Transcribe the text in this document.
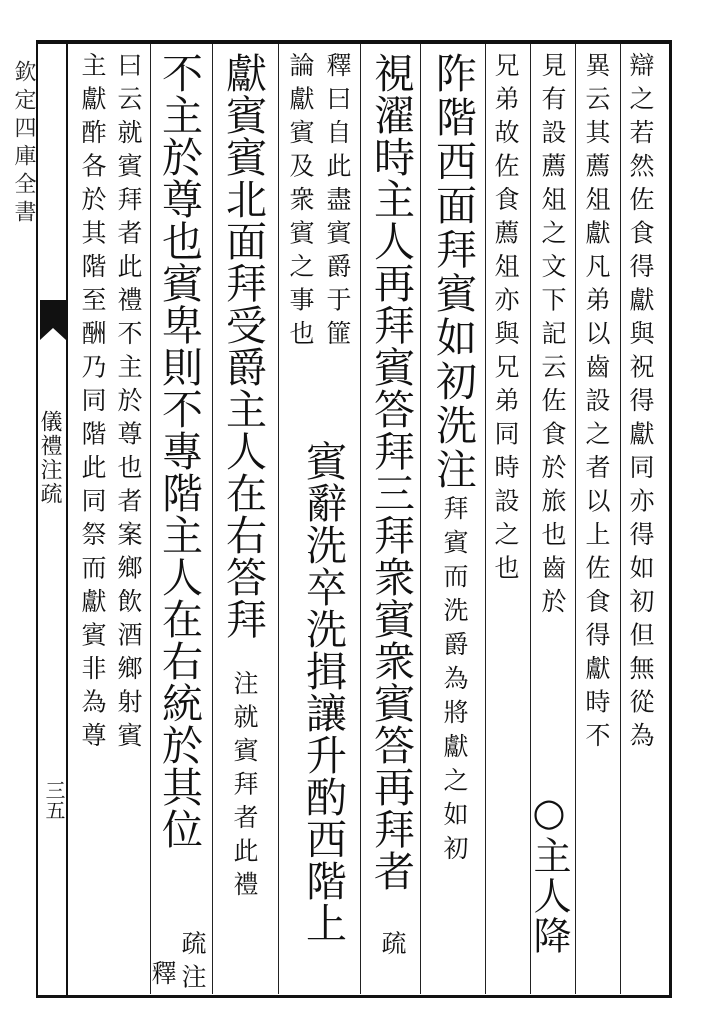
欽定四庫全書
儀禮注疏
三五
辯之若然佐食得獻與祝得獻同亦得如初但無從為
異云其薦俎獻凡弟以齒設之者以上佐食得獻時不
見有設薦俎之文下記云佐食於旅也齒於
○主人降
兄弟故佐食薦俎亦與兄弟同時設之也
阼階西面拜賓如初洗注
拜賓而洗爵為將獻之如初
視濯時主人再拜賓答拜三拜衆賓衆賓答再拜者
疏
釋曰自此盡賓爵于篚
論獻賓及衆賓之事也
賓辭洗卒洗揖讓升酌西階上
獻賓賓北面拜受爵主人在右答拜
注就賓拜者此禮
不主於尊也賓卑則不專階主人在右統於其位
疏注
釋
曰云就賓拜者此禮不主於尊也者案鄉飲酒鄉射賓
主獻酢各於其階至酬乃同階此同祭而獻賓非為尊
